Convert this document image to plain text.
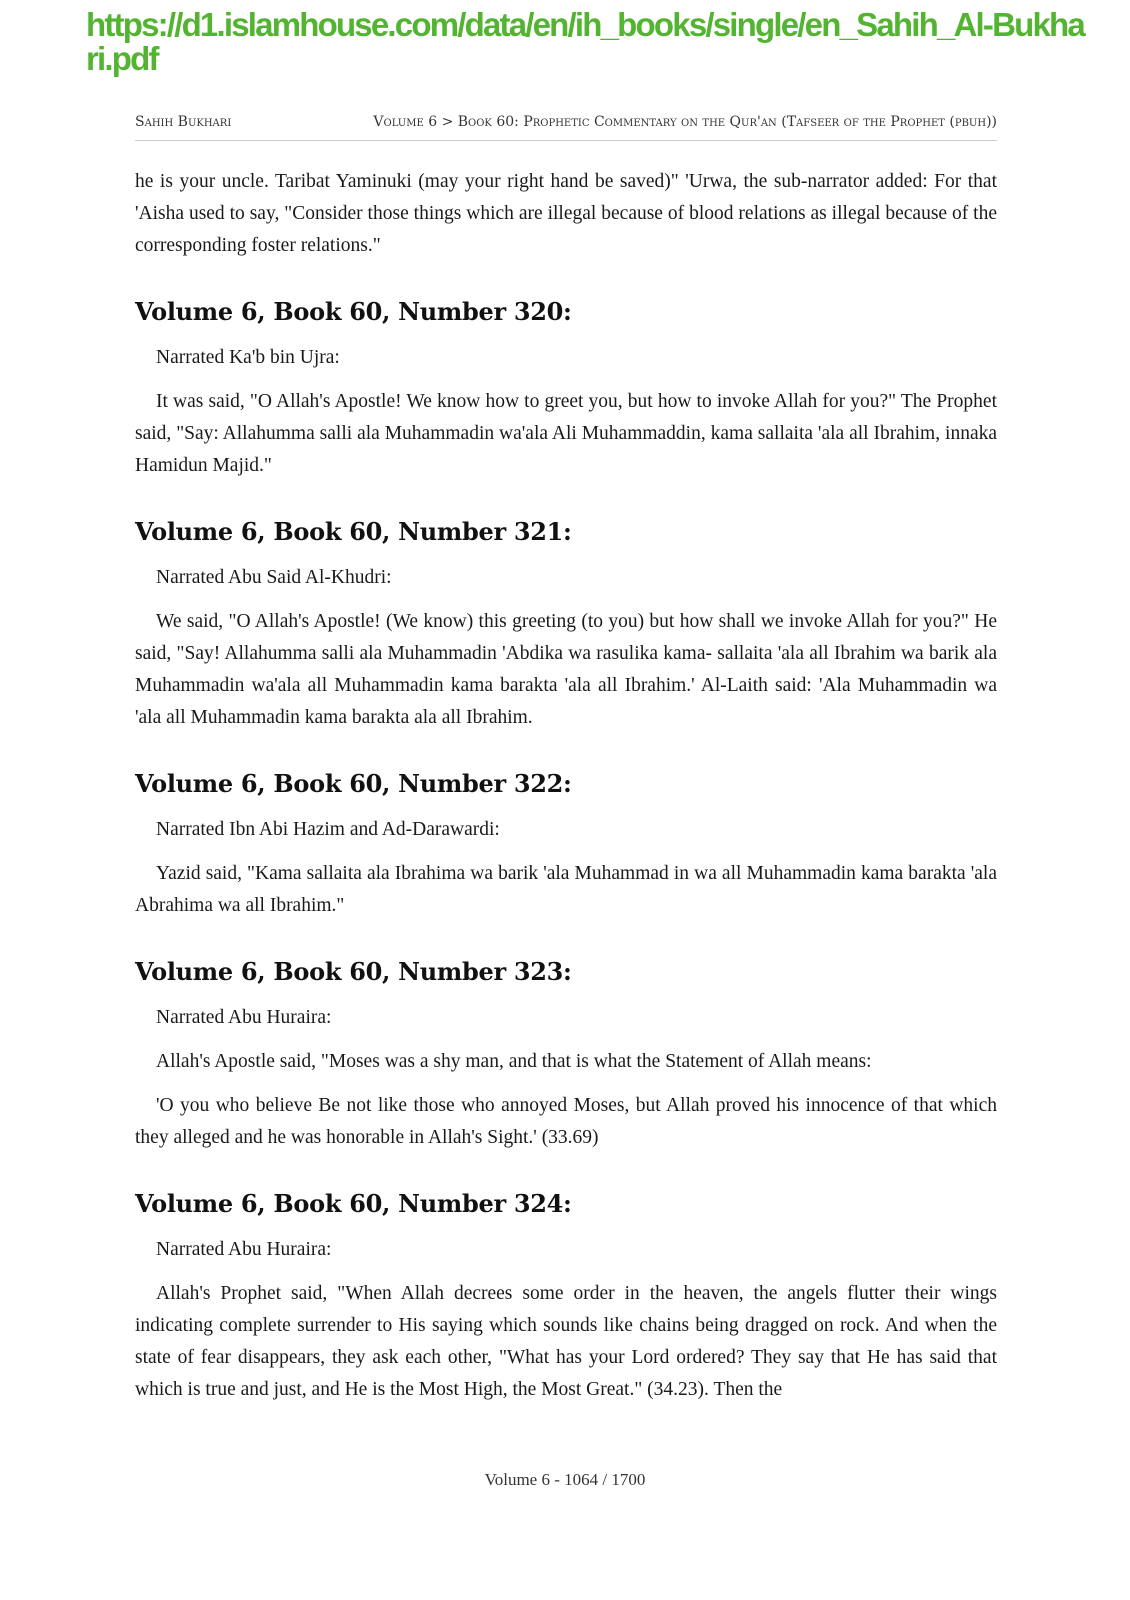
https://d1.islamhouse.com/data/en/ih_books/single/en_Sahih_Al-Bukhari.pdf
Sahih Bukhari	Volume 6 > Book 60: Prophetic Commentary on the Qur'an (Tafseer of the Prophet (pbuh))

he is your uncle. Taribat Yaminuki (may your right hand be saved)" 'Urwa, the sub-narrator added: For that 'Aisha used to say, "Consider those things which are illegal because of blood relations as illegal because of the corresponding foster relations."

Volume 6, Book 60, Number 320:

Narrated Ka'b bin Ujra:

It was said, "O Allah's Apostle! We know how to greet you, but how to invoke Allah for you?" The Prophet said, "Say: Allahumma salli ala Muhammadin wa'ala Ali Muhammaddin, kama sallaita 'ala all Ibrahim, innaka Hamidun Majid."

Volume 6, Book 60, Number 321:

Narrated Abu Said Al-Khudri:

We said, "O Allah's Apostle! (We know) this greeting (to you) but how shall we invoke Allah for you?" He said, "Say! Allahumma salli ala Muhammadin 'Abdika wa rasulika kama- sallaita 'ala all Ibrahim wa barik ala Muhammadin wa'ala all Muhammadin kama barakta 'ala all Ibrahim.' Al-Laith said: 'Ala Muhammadin wa 'ala all Muhammadin kama barakta ala all Ibrahim.

Volume 6, Book 60, Number 322:

Narrated Ibn Abi Hazim and Ad-Darawardi:

Yazid said, "Kama sallaita ala Ibrahima wa barik 'ala Muhammad in wa all Muhammadin kama barakta 'ala Abrahima wa all Ibrahim."

Volume 6, Book 60, Number 323:

Narrated Abu Huraira:

Allah's Apostle said, "Moses was a shy man, and that is what the Statement of Allah means:

'O you who believe Be not like those who annoyed Moses, but Allah proved his innocence of that which they alleged and he was honorable in Allah's Sight.' (33.69)

Volume 6, Book 60, Number 324:

Narrated Abu Huraira:

Allah's Prophet said, "When Allah decrees some order in the heaven, the angels flutter their wings indicating complete surrender to His saying which sounds like chains being dragged on rock. And when the state of fear disappears, they ask each other, "What has your Lord ordered? They say that He has said that which is true and just, and He is the Most High, the Most Great." (34.23). Then the

Volume 6 - 1064 / 1700
